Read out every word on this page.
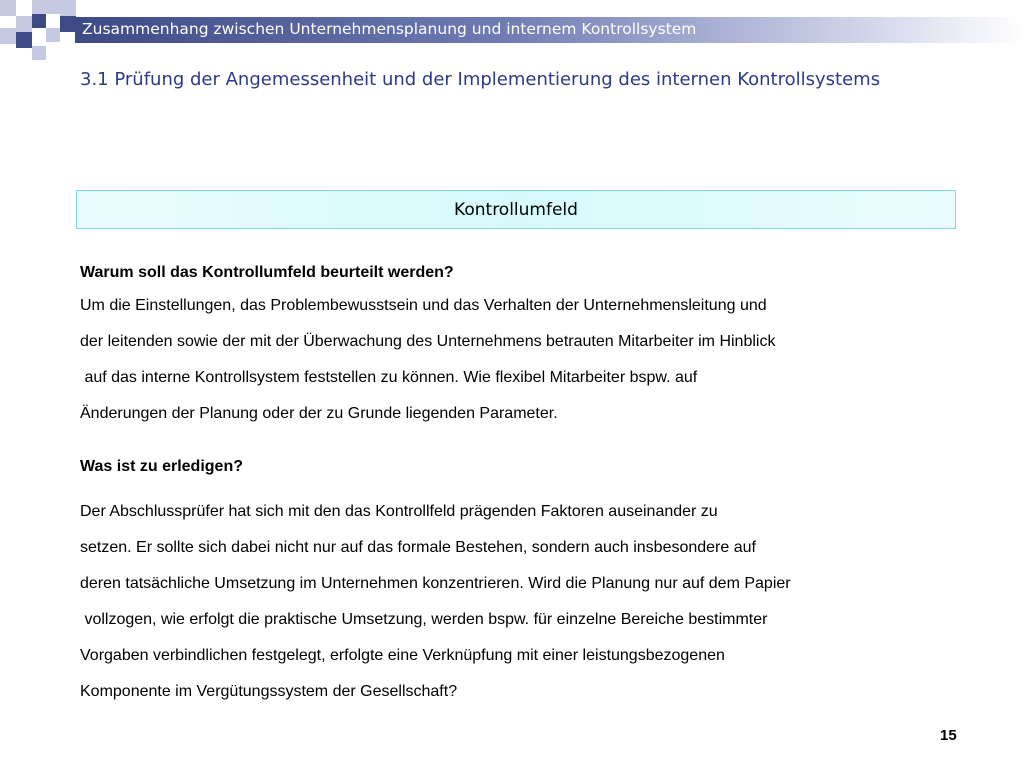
Zusammenhang zwischen Unternehmensplanung und internem Kontrollsystem
3.1 Prüfung der Angemessenheit und der Implementierung des internen Kontrollsystems
Kontrollumfeld
Warum soll das Kontrollumfeld beurteilt werden?
Um die Einstellungen, das Problembewusstsein und das Verhalten der Unternehmensleitung und
der leitenden sowie der mit der Überwachung des Unternehmens betrauten Mitarbeiter im Hinblick
auf das interne Kontrollsystem feststellen zu können. Wie flexibel Mitarbeiter bspw. auf
Änderungen der Planung oder der zu Grunde liegenden Parameter.
Was ist zu erledigen?
Der Abschlussprüfer hat sich mit den das Kontrollfeld prägenden Faktoren auseinander zu
setzen. Er sollte sich dabei nicht nur auf das formale Bestehen, sondern auch insbesondere auf
deren tatsächliche Umsetzung im Unternehmen konzentrieren. Wird die Planung nur auf dem Papier
vollzogen, wie erfolgt die praktische Umsetzung, werden bspw. für einzelne Bereiche bestimmter
Vorgaben verbindlichen festgelegt, erfolgte eine Verknüpfung mit einer leistungsbezogenen
Komponente im Vergütungssystem der Gesellschaft?
15
